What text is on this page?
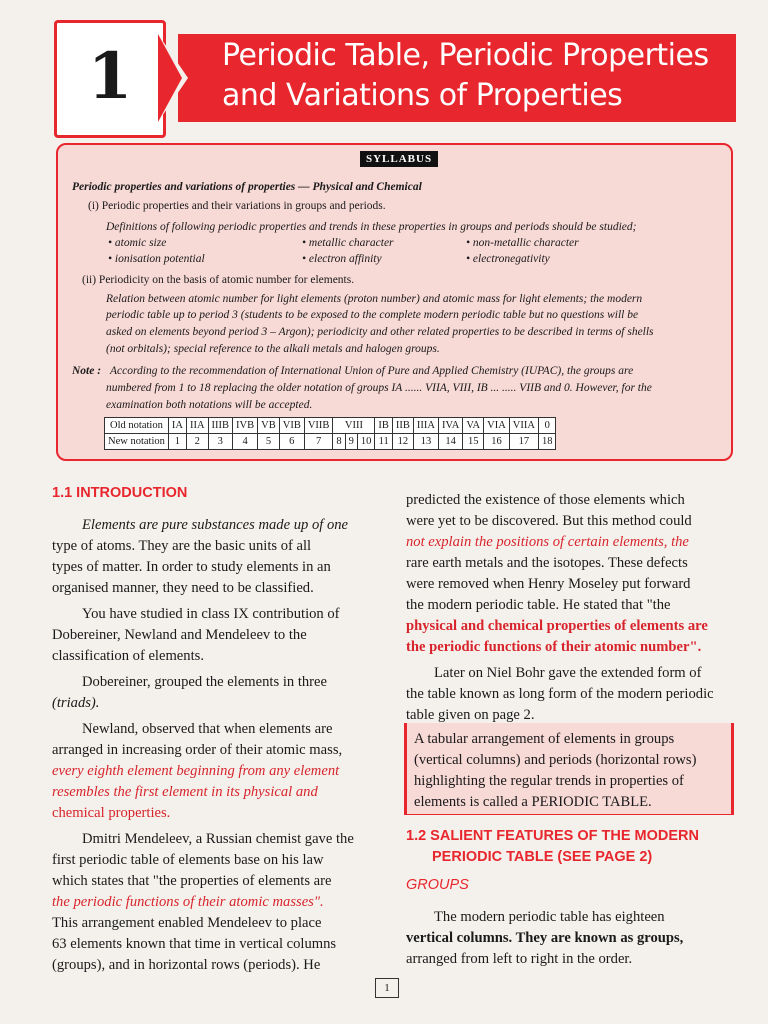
1	Periodic Table, Periodic Properties
and Variations of Properties
SYLLABUS
Periodic properties and variations of properties — Physical and Chemical
(i) Periodic properties and their variations in groups and periods.
Definitions of following periodic properties and trends in these properties in groups and periods should be studied;
• atomic size	• metallic character	• non-metallic character
• ionisation potential	• electron affinity	• electronegativity
(ii) Periodicity on the basis of atomic number for elements.
Relation between atomic number for light elements (proton number) and atomic mass for light elements; the modern
periodic table up to period 3 (students to be exposed to the complete modern periodic table but no questions will be
asked on elements beyond period 3 – Argon); periodicity and other related properties to be described in terms of shells
(not orbitals); special reference to the alkali metals and halogen groups.
Note : According to the recommendation of International Union of Pure and Applied Chemistry (IUPAC), the groups are
numbered from 1 to 18 replacing the older notation of groups IA ...... VIIA, VIII, IB ... ..... VIIB and 0. However, for the
examination both notations will be accepted.
Old notation	IA	IIA	IIIB	IVB	VB	VIB	VIIB	VIII			IB	IIB	IIIA	IVA	VA	VIA	VIIA	0
New notation	1	2	3	4	5	6	7	8	9	10	11	12	13	14	15	16	17	18
1.1 INTRODUCTION
Elements are pure substances made up of one
type of atoms. They are the basic units of all
types of matter. In order to study elements in an
organised manner, they need to be classified.
You have studied in class IX contribution of
Dobereiner, Newland and Mendeleev to the
classification of elements.
Dobereiner, grouped the elements in three
(triads).
Newland, observed that when elements are
arranged in increasing order of their atomic mass,
every eighth element beginning from any element
resembles the first element in its physical and
chemical properties.
Dmitri Mendeleev, a Russian chemist gave the
first periodic table of elements base on his law
which states that "the properties of elements are
the periodic functions of their atomic masses".
This arrangement enabled Mendeleev to place
63 elements known that time in vertical columns
(groups), and in horizontal rows (periods). He
predicted the existence of those elements which
were yet to be discovered. But this method could
not explain the positions of certain elements, the
rare earth metals and the isotopes. These defects
were removed when Henry Moseley put forward
the modern periodic table. He stated that "the
physical and chemical properties of elements are
the periodic functions of their atomic number".
Later on Niel Bohr gave the extended form of
the table known as long form of the modern periodic
table given on page 2.
A tabular arrangement of elements in groups
(vertical columns) and periods (horizontal rows)
highlighting the regular trends in properties of
elements is called a PERIODIC TABLE.
1.2 SALIENT FEATURES OF THE MODERN
PERIODIC TABLE (SEE PAGE 2)
GROUPS
The modern periodic table has eighteen
vertical columns. They are known as groups,
arranged from left to right in the order.
1
